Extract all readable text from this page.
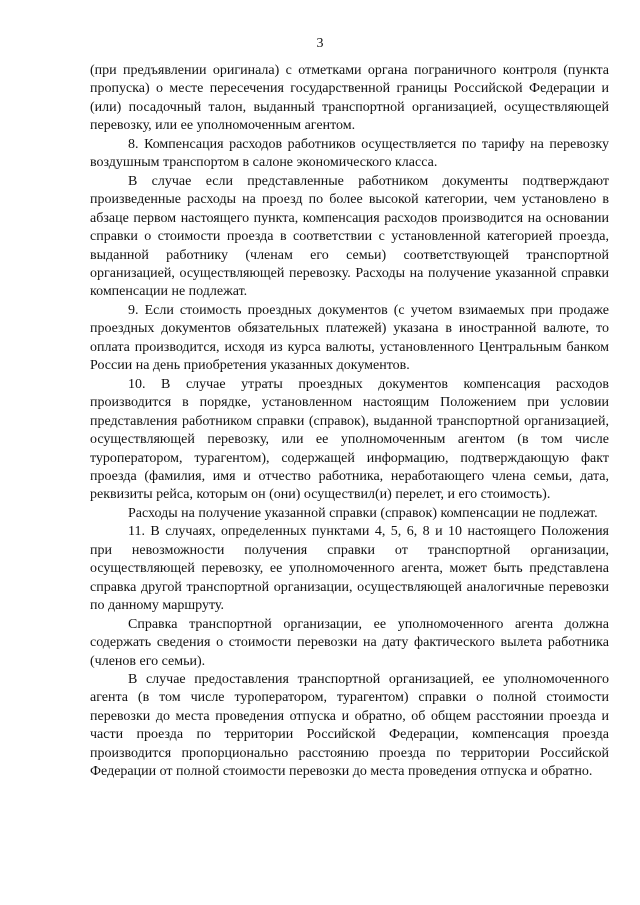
3

(при предъявлении оригинала) с отметками органа пограничного контроля (пункта пропуска) о месте пересечения государственной границы Российской Федерации и (или) посадочный талон, выданный транспортной организацией, осуществляющей перевозку, или ее уполномоченным агентом.

8. Компенсация расходов работников осуществляется по тарифу на перевозку воздушным транспортом в салоне экономического класса.

В случае если представленные работником документы подтверждают произведенные расходы на проезд по более высокой категории, чем установлено в абзаце первом настоящего пункта, компенсация расходов производится на основании справки о стоимости проезда в соответствии с установленной категорией проезда, выданной работнику (членам его семьи) соответствующей транспортной организацией, осуществляющей перевозку. Расходы на получение указанной справки компенсации не подлежат.

9. Если стоимость проездных документов (с учетом взимаемых при продаже проездных документов обязательных платежей) указана в иностранной валюте, то оплата производится, исходя из курса валюты, установленного Центральным банком России на день приобретения указанных документов.

10. В случае утраты проездных документов компенсация расходов производится в порядке, установленном настоящим Положением при условии представления работником справки (справок), выданной транспортной организацией, осуществляющей перевозку, или ее уполномоченным агентом (в том числе туроператором, турагентом), содержащей информацию, подтверждающую факт проезда (фамилия, имя и отчество работника, неработающего члена семьи, дата, реквизиты рейса, которым он (они) осуществил(и) перелет, и его стоимость).

Расходы на получение указанной справки (справок) компенсации не подлежат.

11. В случаях, определенных пунктами 4, 5, 6, 8 и 10 настоящего Положения при невозможности получения справки от транспортной организации, осуществляющей перевозку, ее уполномоченного агента, может быть представлена справка другой транспортной организации, осуществляющей аналогичные перевозки по данному маршруту.

Справка транспортной организации, ее уполномоченного агента должна содержать сведения о стоимости перевозки на дату фактического вылета работника (членов его семьи).

В случае предоставления транспортной организацией, ее уполномоченного агента (в том числе туроператором, турагентом) справки о полной стоимости перевозки до места проведения отпуска и обратно, об общем расстоянии проезда и части проезда по территории Российской Федерации, компенсация проезда производится пропорционально расстоянию проезда по территории Российской Федерации от полной стоимости перевозки до места проведения отпуска и обратно.
